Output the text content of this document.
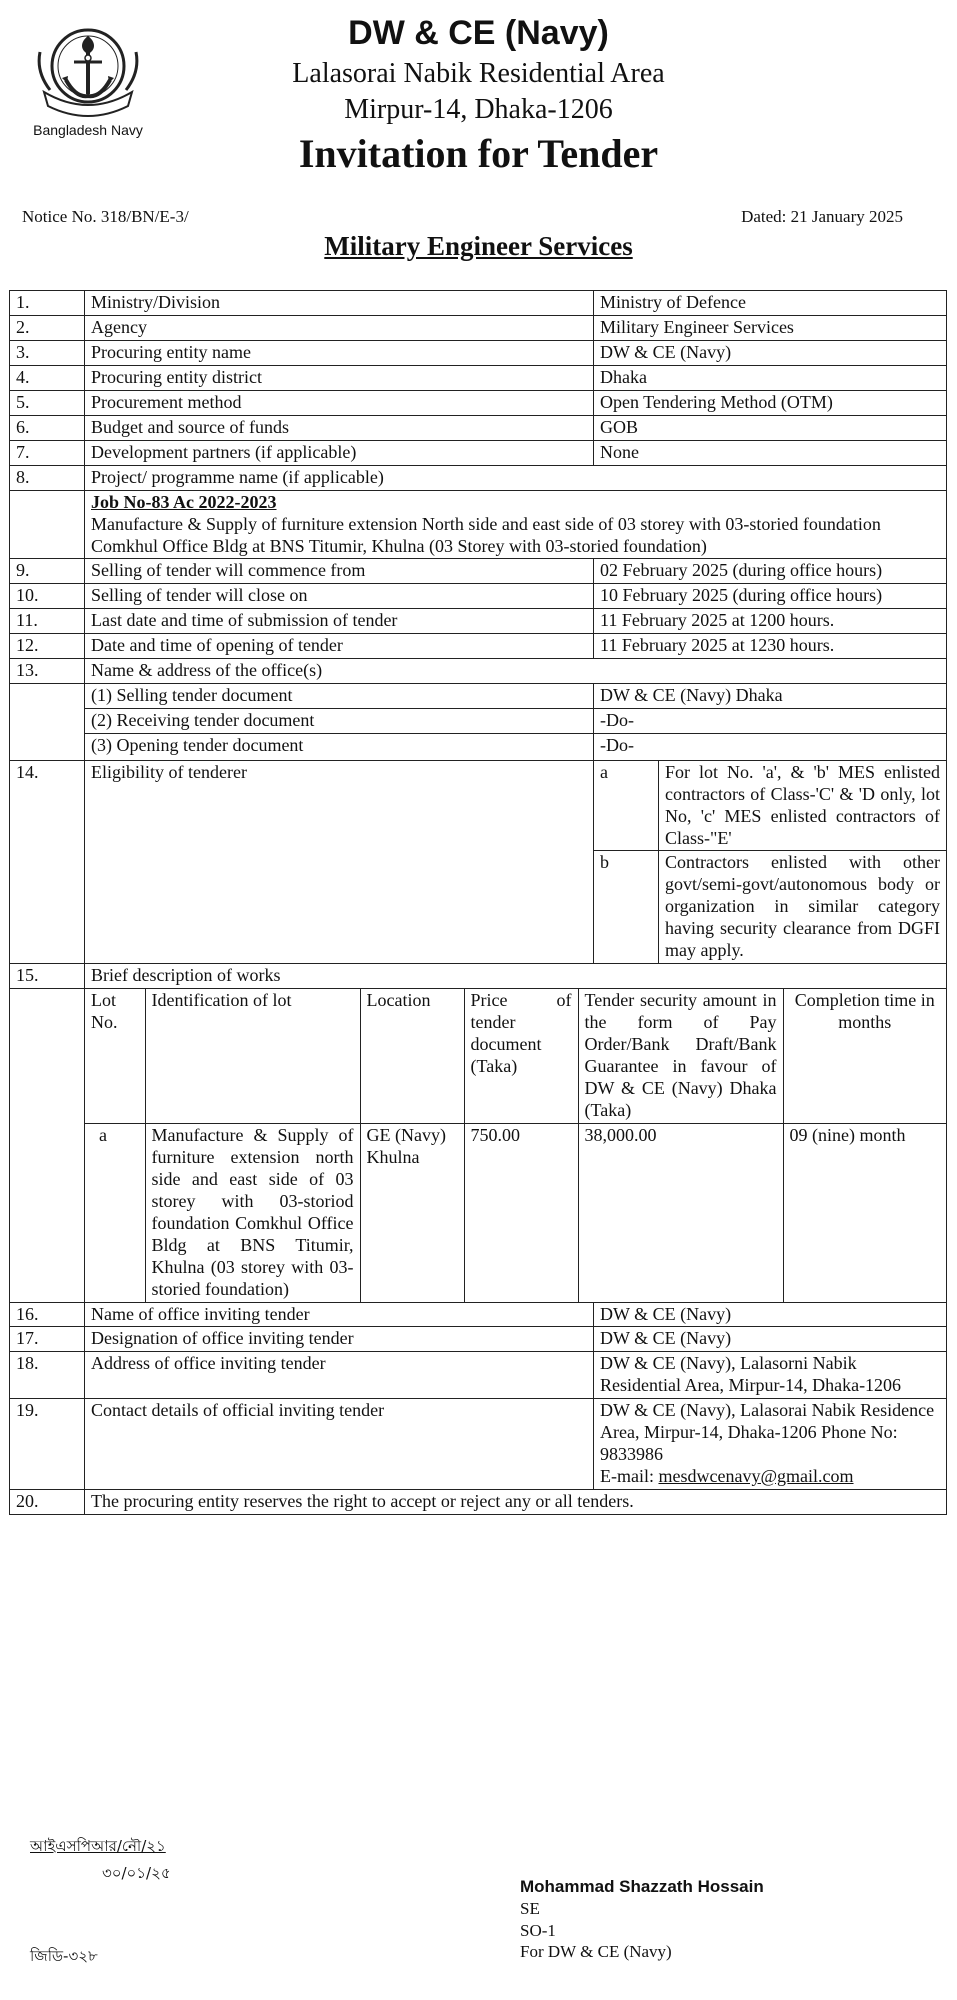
Bangladesh Navy
DW & CE (Navy)
Lalasorai Nabik Residential Area
Mirpur-14, Dhaka-1206
Invitation for Tender
Notice No. 318/BN/E-3/	Dated: 21 January 2025
Military Engineer Services
1.	Ministry/Division	Ministry of Defence
2.	Agency	Military Engineer Services
3.	Procuring entity name	DW & CE (Navy)
4.	Procuring entity district	Dhaka
5.	Procurement method	Open Tendering Method (OTM)
6.	Budget and source of funds	GOB
7.	Development partners (if applicable)	None
8.	Project/ programme name (if applicable)

Job No-83 Ac 2022-2023
Manufacture & Supply of furniture extension North side and east side of 03 storey with 03-storied foundation Comkhul Office Bldg at BNS Titumir, Khulna (03 Storey with 03-storied foundation)

9.	Selling of tender will commence from	02 February 2025 (during office hours)
10.	Selling of tender will close on	10 February 2025 (during office hours)
11.	Last date and time of submission of tender	11 February 2025 at 1200 hours.
12.	Date and time of opening of tender	11 February 2025 at 1230 hours.
13.	Name & address of the office(s)
	(1) Selling tender document	DW & CE (Navy) Dhaka
	(2) Receiving tender document	-Do-
	(3) Opening tender document	-Do-
14.	Eligibility of tenderer		a	For lot No. 'a', & 'b' MES enlisted contractors of Class-'C' & 'D only, lot No, 'c' MES enlisted contractors of Class-"E'
b	Contractors enlisted with other govt/semi-govt/autonomous body or organization in similar category having security clearance from DGFI may apply.

15.	Brief description of works

Lot No.	Identification of lot	Location	Price of tender document (Taka)	Tender security amount in the form of Pay Order/Bank Draft/Bank Guarantee in favour of DW & CE (Navy) Dhaka (Taka)	Completion time in months
a	Manufacture & Supply of furniture extension north side and east side of 03 storey with 03-storiod foundation Comkhul Office Bldg at BNS Titumir, Khulna (03 storey with 03-storied foundation)	GE (Navy) Khulna	750.00	38,000.00	09 (nine) month

16.	Name of office inviting tender	DW & CE (Navy)
17.	Designation of office inviting tender	DW & CE (Navy)
18.	Address of office inviting tender	DW & CE (Navy), Lalasorni Nabik Residential Area, Mirpur-14, Dhaka-1206
19.	Contact details of official inviting tender	DW & CE (Navy), Lalasorai Nabik Residence Area, Mirpur-14, Dhaka-1206 Phone No: 9833986
E-mail: mesdwcenavy@gmail.com

20.	The procuring entity reserves the right to accept or reject any or all tenders.
আইএসপিআর/নৌ/২১
৩০/০১/২৫
জিডি-৩২৮
Mohammad Shazzath Hossain
SE
SO-1
For DW & CE (Navy)
